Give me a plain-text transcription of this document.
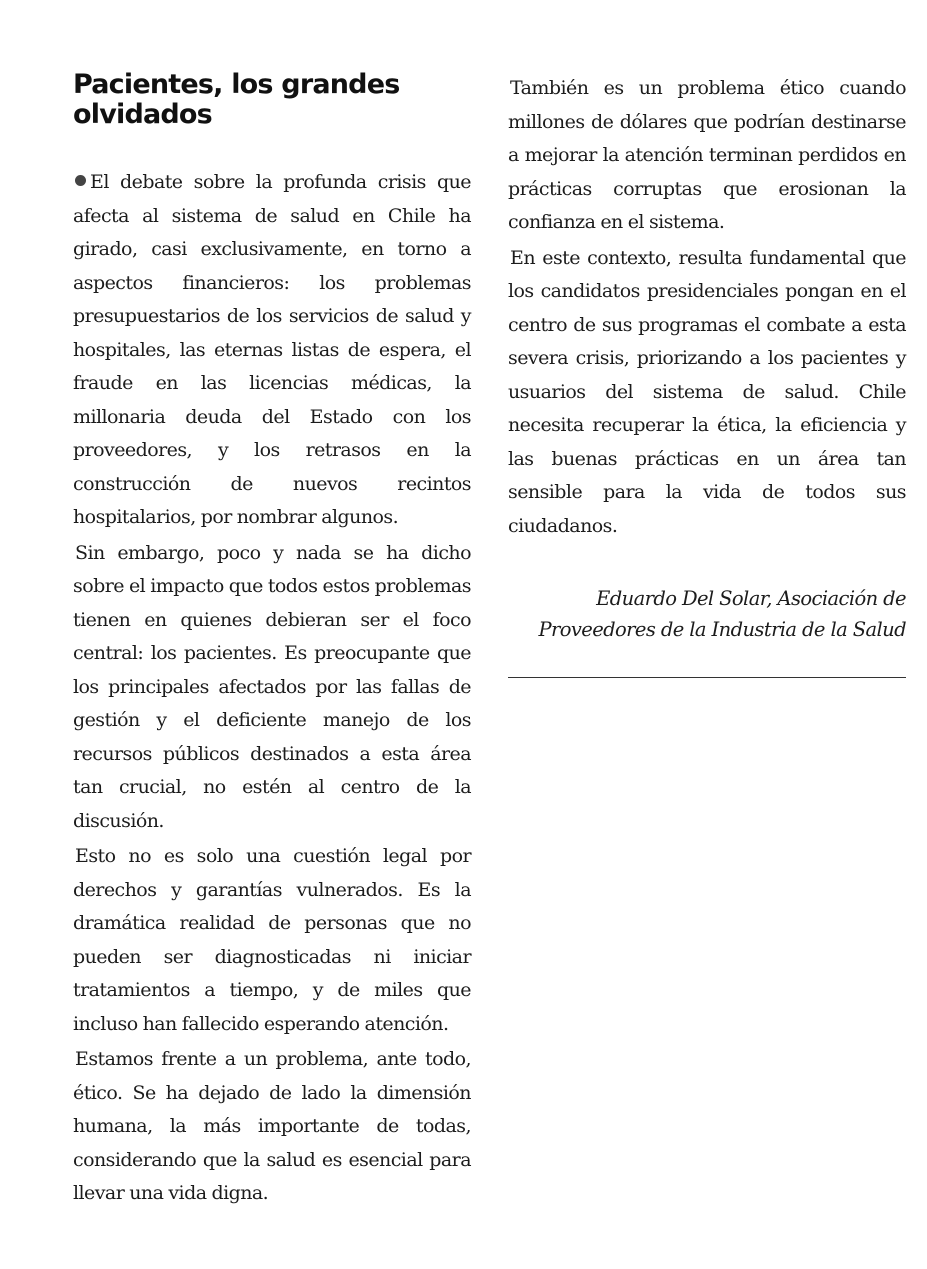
Pacientes, los grandes olvidados

El debate sobre la profunda crisis que afecta al sistema de salud en Chile ha girado, casi exclusivamente, en torno a aspectos financieros: los problemas presupuestarios de los servicios de salud y hospitales, las eternas listas de espera, el fraude en las licencias médicas, la millonaria deuda del Estado con los proveedores, y los retrasos en la construcción de nuevos recintos hospitalarios, por nombrar algunos.

Sin embargo, poco y nada se ha dicho sobre el impacto que todos estos problemas tienen en quienes debieran ser el foco central: los pacientes. Es preocupante que los principales afectados por las fallas de gestión y el deficiente manejo de los recursos públicos destinados a esta área tan crucial, no estén al centro de la discusión.

Esto no es solo una cuestión legal por derechos y garantías vulnerados. Es la dramática realidad de personas que no pueden ser diagnosticadas ni iniciar tratamientos a tiempo, y de miles que incluso han fallecido esperando atención.

Estamos frente a un problema, ante todo, ético. Se ha dejado de lado la dimensión humana, la más importante de todas, considerando que la salud es esencial para llevar una vida digna.

También es un problema ético cuando millones de dólares que podrían destinarse a mejorar la atención terminan perdidos en prácticas corruptas que erosionan la confianza en el sistema.

En este contexto, resulta fundamental que los candidatos presidenciales pongan en el centro de sus programas el combate a esta severa crisis, priorizando a los pacientes y usuarios del sistema de salud. Chile necesita recuperar la ética, la eficiencia y las buenas prácticas en un área tan sensible para la vida de todos sus ciudadanos.

Eduardo Del Solar, Asociación de Proveedores de la Industria de la Salud
